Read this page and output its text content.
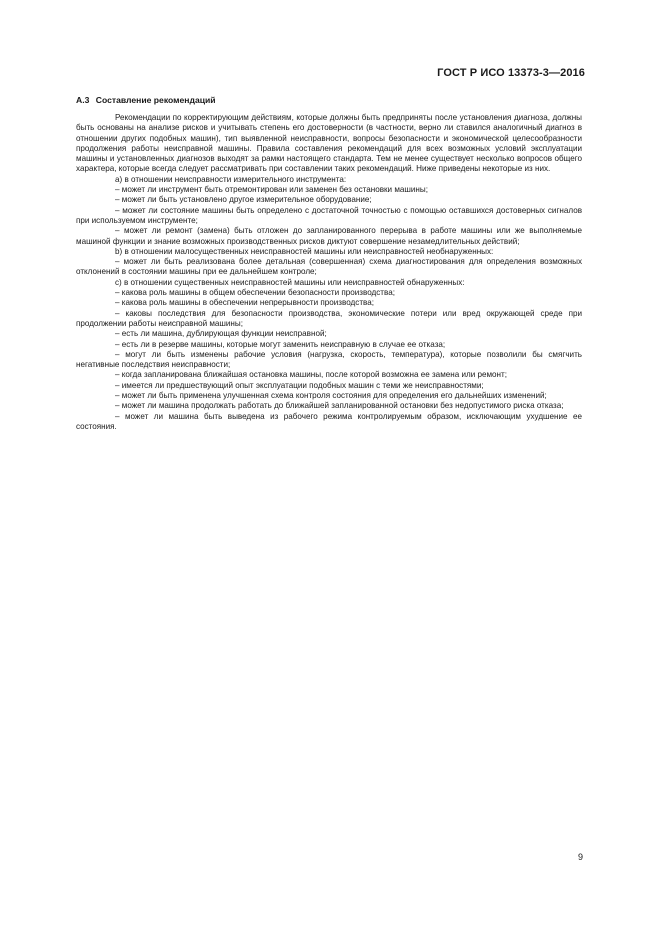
ГОСТ Р ИСО 13373-3—2016
А.3 Составление рекомендаций

Рекомендации по корректирующим действиям, которые должны быть предприняты после установления диагноза, должны быть основаны на анализе рисков и учитывать степень его достоверности (в частности, верно ли ставился аналогичный диагноз в отношении других подобных машин), тип выявленной неисправности, вопросы безопасности и экономической целесообразности продолжения работы неисправной машины. Правила составления рекомендаций для всех возможных условий эксплуатации машины и установленных диагнозов выходят за рамки настоящего стандарта. Тем не менее существует несколько вопросов общего характера, которые всегда следует рассматривать при составлении таких рекомендаций. Ниже приведены некоторые из них.

а) в отношении неисправности измерительного инструмента:

– может ли инструмент быть отремонтирован или заменен без остановки машины;

– может ли быть установлено другое измерительное оборудование;

– может ли состояние машины быть определено с достаточной точностью с помощью оставшихся достоверных сигналов при используемом инструменте;

– может ли ремонт (замена) быть отложен до запланированного перерыва в работе машины или же выполняемые машиной функции и знание возможных производственных рисков диктуют совершение незамедлительных действий;

b) в отношении малосущественных неисправностей машины или неисправностей необнаруженных:

– может ли быть реализована более детальная (совершенная) схема диагностирования для определения возможных отклонений в состоянии машины при ее дальнейшем контроле;

с) в отношении существенных неисправностей машины или неисправностей обнаруженных:

– какова роль машины в общем обеспечении безопасности производства;

– какова роль машины в обеспечении непрерывности производства;

– каковы последствия для безопасности производства, экономические потери или вред окружающей среде при продолжении работы неисправной машины;

– есть ли машина, дублирующая функции неисправной;

– есть ли в резерве машины, которые могут заменить неисправную в случае ее отказа;

– могут ли быть изменены рабочие условия (нагрузка, скорость, температура), которые позволили бы смягчить негативные последствия неисправности;

– когда запланирована ближайшая остановка машины, после которой возможна ее замена или ремонт;

– имеется ли предшествующий опыт эксплуатации подобных машин с теми же неисправностями;

– может ли быть применена улучшенная схема контроля состояния для определения его дальнейших изменений;

– может ли машина продолжать работать до ближайшей запланированной остановки без недопустимого риска отказа;

– может ли машина быть выведена из рабочего режима контролируемым образом, исключающим ухудшение ее состояния.

9
